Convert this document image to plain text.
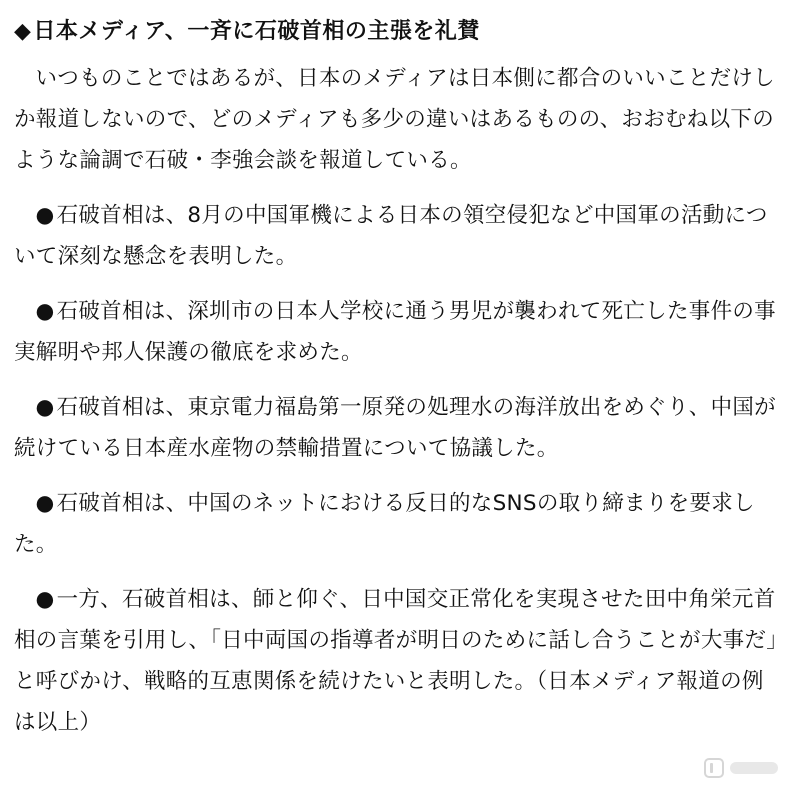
◆日本メディア、一斉に石破首相の主張を礼賛

いつものことではあるが、日本のメディアは日本側に都合のいいことだけしか報道しないので、どのメディアも多少の違いはあるものの、おおむね以下のような論調で石破・李強会談を報道している。

●石破首相は、8月の中国軍機による日本の領空侵犯など中国軍の活動について深刻な懸念を表明した。

●石破首相は、深圳市の日本人学校に通う男児が襲われて死亡した事件の事実解明や邦人保護の徹底を求めた。

●石破首相は、東京電力福島第一原発の処理水の海洋放出をめぐり、中国が続けている日本産水産物の禁輸措置について協議した。

●石破首相は、中国のネットにおける反日的なSNSの取り締まりを要求した。

●一方、石破首相は、師と仰ぐ、日中国交正常化を実現させた田中角栄元首相の言葉を引用し、「日中両国の指導者が明日のために話し合うことが大事だ」と呼びかけ、戦略的互恵関係を続けたいと表明した。（日本メディア報道の例は以上）
